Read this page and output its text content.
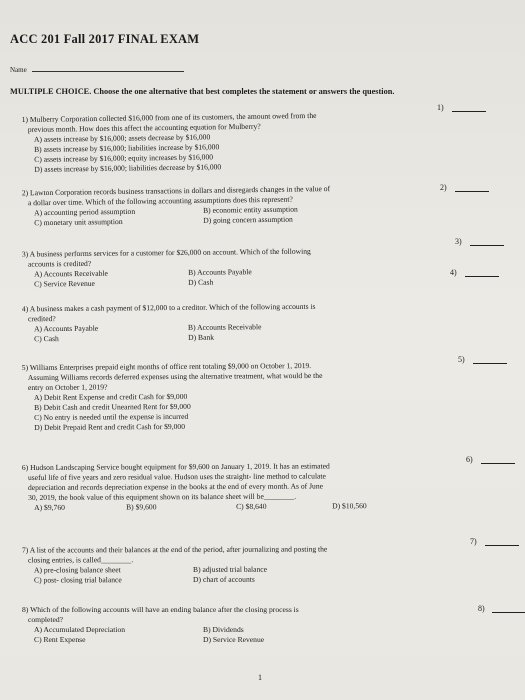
ACC 201 Fall 2017 FINAL EXAM
Name
MULTIPLE CHOICE. Choose the one alternative that best completes the statement or answers the question.
1)
1) Mulberry Corporation collected $16,000 from one of its customers, the amount owed from the
previous month. How does this affect the accounting equation for Mulberry?
A) assets increase by $16,000; assets decrease by $16,000
B) assets increase by $16,000; liabilities increase by $16,000
C) assets increase by $16,000; equity increases by $16,000
D) assets increase by $16,000; liabilities decrease by $16,000
2)
2) Lawton Corporation records business transactions in dollars and disregards changes in the value of
a dollar over time. Which of the following accounting assumptions does this represent?
A) accounting period assumption	B) economic entity assumption
C) monetary unit assumption	D) going concern assumption
3)
3) A business performs services for a customer for $26,000 on account. Which of the following
accounts is credited?
A) Accounts Receivable	B) Accounts Payable
C) Service Revenue	D) Cash
4)
4) A business makes a cash payment of $12,000 to a creditor. Which of the following accounts is
credited?
A) Accounts Payable	B) Accounts Receivable
C) Cash	D) Bank
5)
5) Williams Enterprises prepaid eight months of office rent totaling $9,000 on October 1, 2019.
Assuming Williams records deferred expenses using the alternative treatment, what would be the
entry on October 1, 2019?
A) Debit Rent Expense and credit Cash for $9,000
B) Debit Cash and credit Unearned Rent for $9,000
C) No entry is needed until the expense is incurred
D) Debit Prepaid Rent and credit Cash for $9,000
6)
6) Hudson Landscaping Service bought equipment for $9,600 on January 1, 2019. It has an estimated
useful life of five years and zero residual value. Hudson uses the straight- line method to calculate
depreciation and records depreciation expense in the books at the end of every month. As of June
30, 2019, the book value of this equipment shown on its balance sheet will be________.
A) $9,760	B) $9,600	C) $8,640	D) $10,560
7)
7) A list of the accounts and their balances at the end of the period, after journalizing and posting the
closing entries, is called________.
A) pre-closing balance sheet	B) adjusted trial balance
C) post- closing trial balance	D) chart of accounts
8)
8) Which of the following accounts will have an ending balance after the closing process is
completed?
A) Accumulated Depreciation	B) Dividends
C) Rent Expense	D) Service Revenue
1
